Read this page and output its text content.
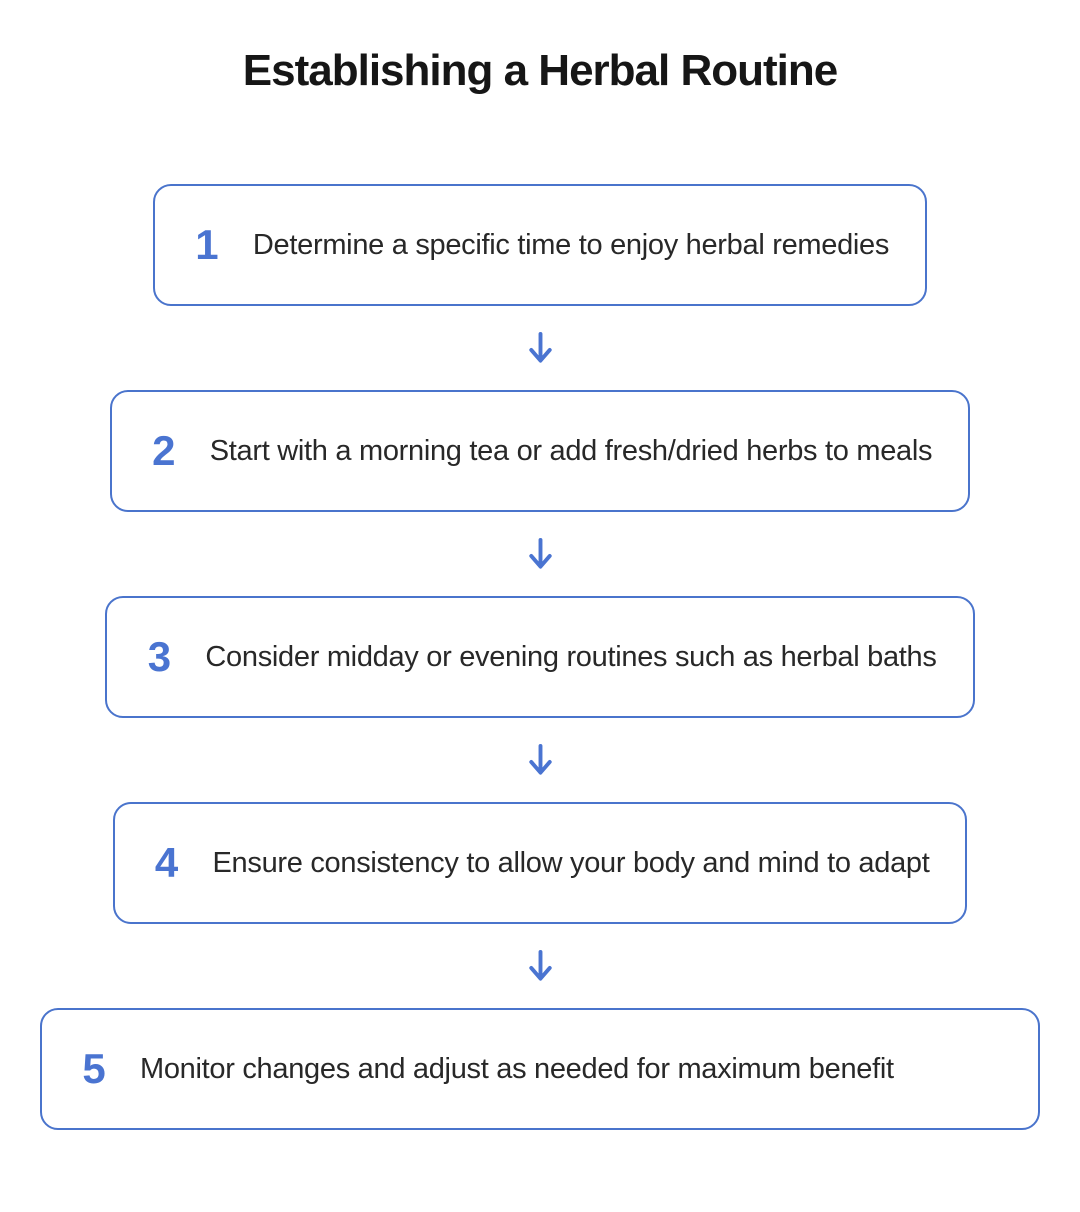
Establishing a Herbal Routine
1 Determine a specific time to enjoy herbal remedies
2 Start with a morning tea or add fresh/dried herbs to meals
3 Consider midday or evening routines such as herbal baths
4 Ensure consistency to allow your body and mind to adapt
5 Monitor changes and adjust as needed for maximum benefit
